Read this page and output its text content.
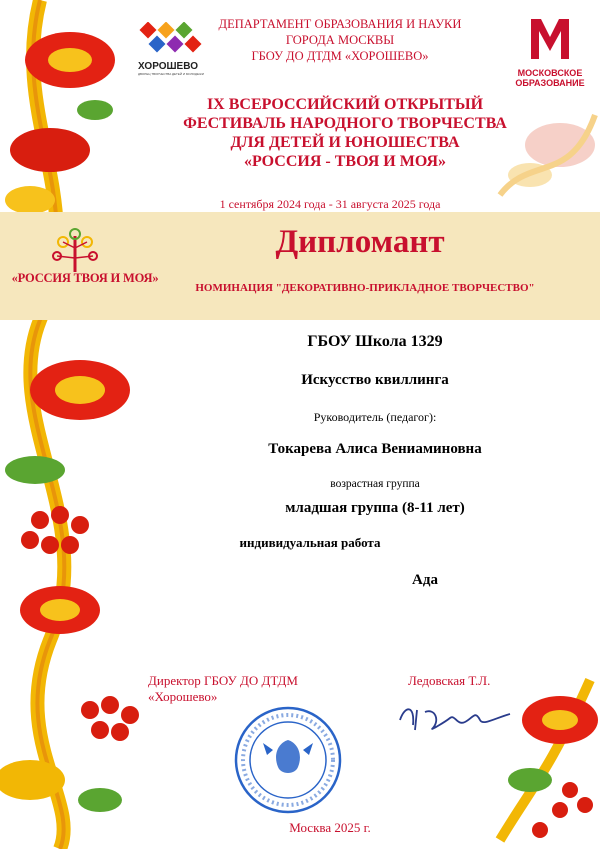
ХОРОШЕВО
ДВОРЕЦ ТВОРЧЕСТВА ДЕТЕЙ И МОЛОДЕЖИ
ДЕПАРТАМЕНТ ОБРАЗОВАНИЯ И НАУКИ
ГОРОДА МОСКВЫ
ГБОУ ДО ДТДМ «ХОРОШЕВО»
МОСКОВСКОЕ
ОБРАЗОВАНИЕ
IX ВСЕРОССИЙСКИЙ ОТКРЫТЫЙ
ФЕСТИВАЛЬ НАРОДНОГО ТВОРЧЕСТВА
ДЛЯ ДЕТЕЙ И ЮНОШЕСТВА
«РОССИЯ - ТВОЯ И МОЯ»
1 сентября 2024 года - 31 августа 2025 года
«РОССИЯ ТВОЯ И МОЯ»
Дипломант
НОМИНАЦИЯ "ДЕКОРАТИВНО-ПРИКЛАДНОЕ ТВОРЧЕСТВО"
ГБОУ Школа 1329
Искусство квиллинга
Руководитель (педагог):
Токарева Алиса Вениаминовна
возрастная группа
младшая группа (8-11 лет)
индивидуальная работа
Ада
Директор ГБОУ ДО ДТДМ
«Хорошево»
Ледовская Т.Л.
Москва 2025 г.
